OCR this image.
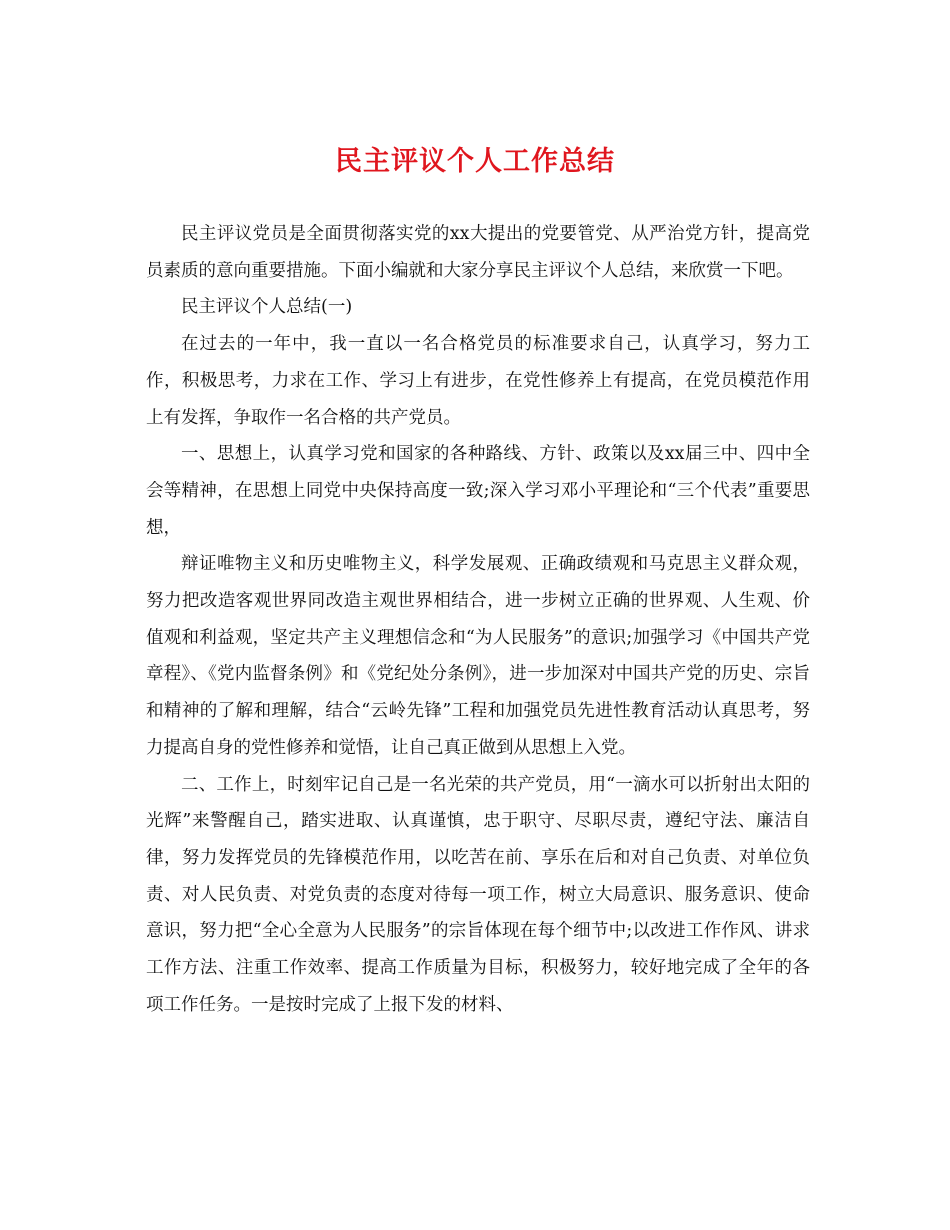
民主评议个人工作总结

民主评议党员是全面贯彻落实党的xx大提出的党要管党、从严治党方针，提高党员素质的意向重要措施。下面小编就和大家分享民主评议个人总结，来欣赏一下吧。

民主评议个人总结(一)

在过去的一年中，我一直以一名合格党员的标准要求自己，认真学习，努力工作，积极思考，力求在工作、学习上有进步，在党性修养上有提高，在党员模范作用上有发挥，争取作一名合格的共产党员。

一、思想上，认真学习党和国家的各种路线、方针、政策以及xx届三中、四中全会等精神，在思想上同党中央保持高度一致;深入学习邓小平理论和“三个代表”重要思想，

辩证唯物主义和历史唯物主义，科学发展观、正确政绩观和马克思主义群众观，努力把改造客观世界同改造主观世界相结合，进一步树立正确的世界观、人生观、价值观和利益观，坚定共产主义理想信念和“为人民服务”的意识;加强学习《中国共产党章程》、《党内监督条例》和《党纪处分条例》，进一步加深对中国共产党的历史、宗旨和精神的了解和理解，结合“云岭先锋”工程和加强党员先进性教育活动认真思考，努力提高自身的党性修养和觉悟，让自己真正做到从思想上入党。

二、工作上，时刻牢记自己是一名光荣的共产党员，用“一滴水可以折射出太阳的光辉”来警醒自己，踏实进取、认真谨慎，忠于职守、尽职尽责，遵纪守法、廉洁自律，努力发挥党员的先锋模范作用，以吃苦在前、享乐在后和对自己负责、对单位负责、对人民负责、对党负责的态度对待每一项工作，树立大局意识、服务意识、使命意识，努力把“全心全意为人民服务”的宗旨体现在每个细节中;以改进工作作风、讲求工作方法、注重工作效率、提高工作质量为目标，积极努力，较好地完成了全年的各项工作任务。一是按时完成了上报下发的材料、
